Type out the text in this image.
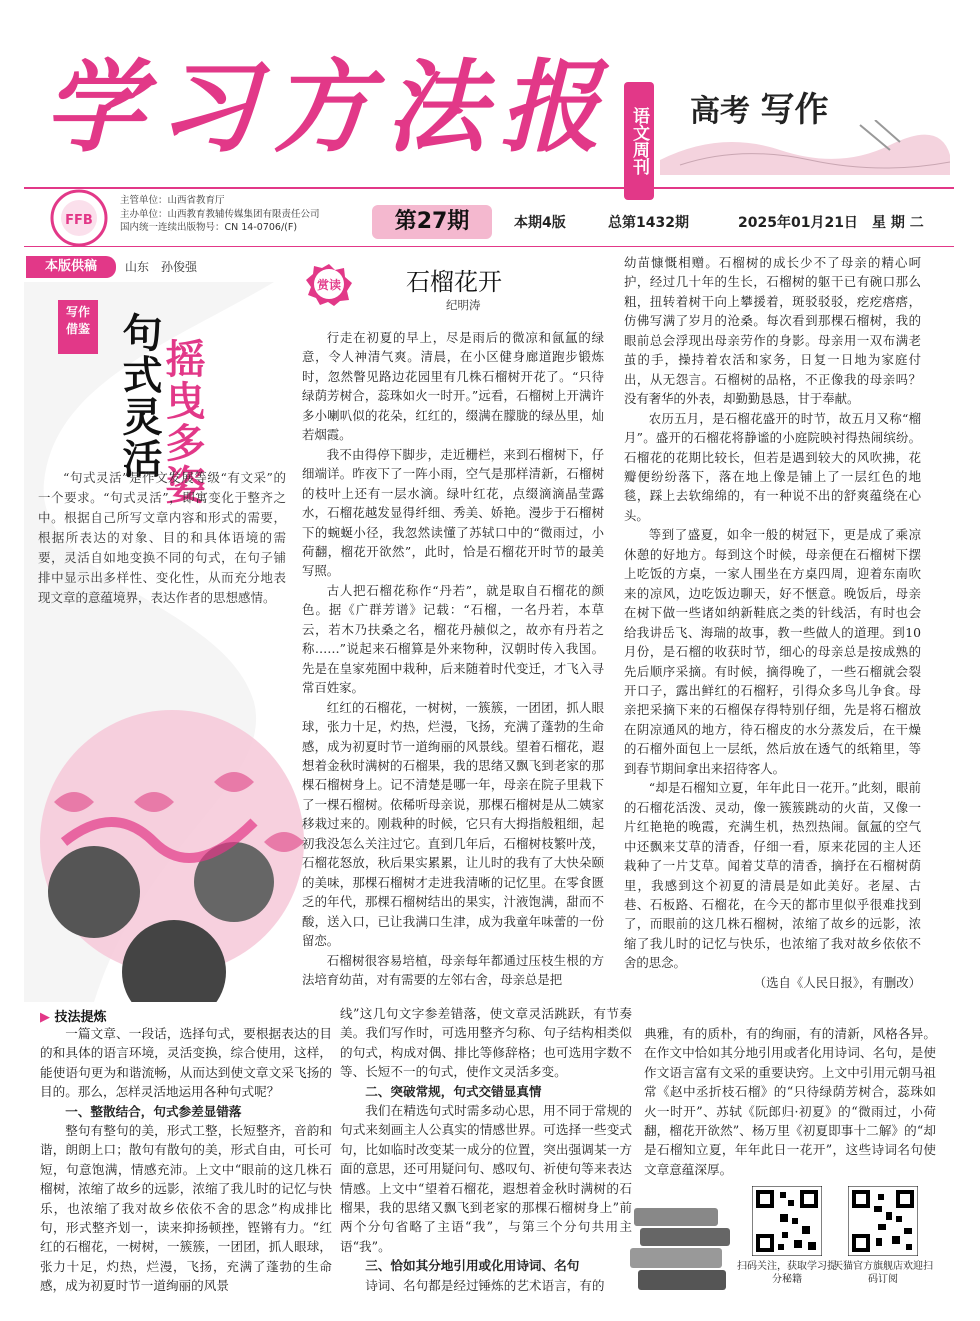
学习方法报 语文周刊 高考 写作
FFB
主管单位：山西省教育厅
主办单位：山西教育教辅传媒集团有限责任公司
国内统一连续出版物号：CN 14-0706/(F)	第27期	本期4版	总第1432期	2025年01月21日 星 期 二
本版供稿	山东　孙俊强
写作
借鉴 句式灵活
摇曳多姿
“句式灵活”是作文发展等级“有文采”的一个要求。“句式灵活”，即寓变化于整齐之中。根据自己所写文章内容和形式的需要，根据所表达的对象、目的和具体语境的需要，灵活自如地变换不同的句式，在句子铺排中显示出多样性、变化性，从而充分地表现文章的意蕴境界，表达作者的思想感情。
赏读	石榴花开
纪明涛

行走在初夏的早上，尽是雨后的微凉和氤氲的绿意，令人神清气爽。清晨，在小区健身廊道跑步锻炼时，忽然瞥见路边花园里有几株石榴树开花了。“只待绿荫芳树合，蕊珠如火一时开。”远看，石榴树上开满许多小喇叭似的花朵，红红的，缀满在朦胧的绿丛里，灿若烟霞。

我不由得停下脚步，走近栅栏，来到石榴树下，仔细端详。昨夜下了一阵小雨，空气是那样清新，石榴树的枝叶上还有一层水滴。绿叶红花，点缀滴滴晶莹露水，石榴花越发显得纤细、秀美、娇艳。漫步于石榴树下的蜿蜒小径，我忽然读懂了苏轼口中的“微雨过，小荷翻，榴花开欲然”，此时，恰是石榴花开时节的最美写照。

古人把石榴花称作“丹若”，就是取自石榴花的颜色。据《广群芳谱》记载：“石榴，一名丹若，本草云，若木乃扶桑之名，榴花丹赪似之，故亦有丹若之称……”说起来石榴算是外来物种，汉朝时传入我国。先是在皇家苑囿中栽种，后来随着时代变迁，才飞入寻常百姓家。

红红的石榴花，一树树，一簇簇，一团团，抓人眼球，张力十足，灼热，烂漫，飞扬，充满了蓬勃的生命感，成为初夏时节一道绚丽的风景线。望着石榴花，遐想着金秋时满树的石榴果，我的思绪又飘飞到老家的那棵石榴树身上。记不清楚是哪一年，母亲在院子里栽下了一棵石榴树。依稀听母亲说，那棵石榴树是从二姨家移栽过来的。刚栽种的时候，它只有大拇指般粗细，起初我没怎么关注过它。直到几年后，石榴树枝繁叶茂，石榴花怒放，秋后果实累累，让儿时的我有了大快朵颐的美味，那棵石榴树才走进我清晰的记忆里。在零食匮乏的年代，那棵石榴树结出的果实，汁液饱满，甜而不酸，送入口，已让我满口生津，成为我童年味蕾的一份留恋。

石榴树很容易培植，母亲每年都通过压枝生根的方法培育幼苗，对有需要的左邻右舍，母亲总是把

幼苗慷慨相赠。石榴树的成长少不了母亲的精心呵护，经过几十年的生长，石榴树的躯干已有碗口那么粗，扭转着树干向上攀援着，斑驳驳驳，疙疙瘩瘩，仿佛写满了岁月的沧桑。每次看到那棵石榴树，我的眼前总会浮现出母亲劳作的身影。母亲用一双布满老茧的手，操持着农活和家务，日复一日地为家庭付出，从无怨言。石榴树的品格，不正像我的母亲吗？没有奢华的外表，却勤勤恳恳，甘于奉献。

农历五月，是石榴花盛开的时节，故五月又称“榴月”。盛开的石榴花将静谧的小庭院映衬得热闹缤纷。石榴花的花期比较长，但若是遇到较大的风吹拂，花瓣便纷纷落下，落在地上像是铺上了一层红色的地毯，踩上去软绵绵的，有一种说不出的舒爽蕴绕在心头。

等到了盛夏，如伞一般的树冠下，更是成了乘凉休憩的好地方。每到这个时候，母亲便在石榴树下摆上吃饭的方桌，一家人围坐在方桌四周，迎着东南吹来的凉风，边吃饭边聊天，好不惬意。晚饭后，母亲在树下做一些诸如纳新鞋底之类的针线活，有时也会给我讲岳飞、海瑞的故事，教一些做人的道理。到10月份，是石榴的收获时节，细心的母亲总是按成熟的先后顺序采摘。有时候，摘得晚了，一些石榴就会裂开口子，露出鲜红的石榴籽，引得众多鸟儿争食。母亲把采摘下来的石榴保存得特别仔细，先是将石榴放在阴凉通风的地方，待石榴皮的水分蒸发后，在干燥的石榴外面包上一层纸，然后放在透气的纸箱里，等到春节期间拿出来招待客人。

“却是石榴知立夏，年年此日一花开。”此刻，眼前的石榴花活泼、灵动，像一簇簇跳动的火苗，又像一片红艳艳的晚霞，充满生机，热烈热闹。氤氲的空气中还飘来艾草的清香，仔细一看，原来花园的主人还栽种了一片艾草。闻着艾草的清香，摘抒在石榴树荫里，我感到这个初夏的清晨是如此美好。老屋、古巷、石板路、石榴花，在今天的都市里似乎很难找到了，而眼前的这几株石榴树，浓缩了故乡的远影，浓缩了我儿时的记忆与快乐，也浓缩了我对故乡依依不舍的思念。

（选自《人民日报》，有删改）
▶ 技法提炼

一篇文章、一段话，选择句式，要根据表达的目的和具体的语言环境，灵活变换，综合使用，这样，能使语句更为和谐流畅，从而达到使文章文采飞扬的目的。那么，怎样灵活地运用各种句式呢？

一、整散结合，句式参差显错落

整句有整句的美，形式工整，长短整齐，音韵和谐，朗朗上口；散句有散句的美，形式自由，可长可短，句意饱满，情感充沛。上文中“眼前的这几株石榴树，浓缩了故乡的远影，浓缩了我儿时的记忆与快乐，也浓缩了我对故乡依依不舍的思念”构成排比句，形式整齐划一，读来抑扬顿挫，铿锵有力。“红红的石榴花，一树树，一簇簇，一团团，抓人眼球，张力十足，灼热，烂漫，飞扬，充满了蓬勃的生命感，成为初夏时节一道绚丽的风景

线”这几句文字参差错落，使文章灵活跳跃，有节奏美。我们写作时，可选用整齐匀称、句子结构相类似的句式，构成对偶、排比等修辞格；也可选用字数不等、长短不一的句式，使作文灵活多变。

二、突破常规，句式交错显真情

我们在精选句式时需多动心思，用不同于常规的句式来刻画主人公真实的情感世界。可选择一些变式句，比如临时改变某一成分的位置，突出强调某一方面的意思，还可用疑问句、感叹句、祈使句等来表达情感。上文中“望着石榴花，遐想着金秋时满树的石榴果，我的思绪又飘飞到老家的那棵石榴树身上”前两个分句省略了主语“我”，与第三个分句共用主语“我”。

三、恰如其分地引用或化用诗词、名句

诗词、名句都是经过锤炼的艺术语言，有的

典雅，有的质朴，有的绚丽，有的清新，风格各异。在作文中恰如其分地引用或者化用诗词、名句，是使作文语言富有文采的重要诀窍。上文中引用元朝马祖常《赵中丞折枝石榴》的“只待绿荫芳树合，蕊珠如火一时开”、苏轼《阮郎归·初夏》的“微雨过，小荷翻，榴花开欲然”、杨万里《初夏即事十二解》的“却是石榴知立夏，年年此日一花开”，这些诗词名句使文章意蕴深厚。

扫码关注，获取学习提分秘籍
天猫官方旗舰店欢迎扫码订阅
